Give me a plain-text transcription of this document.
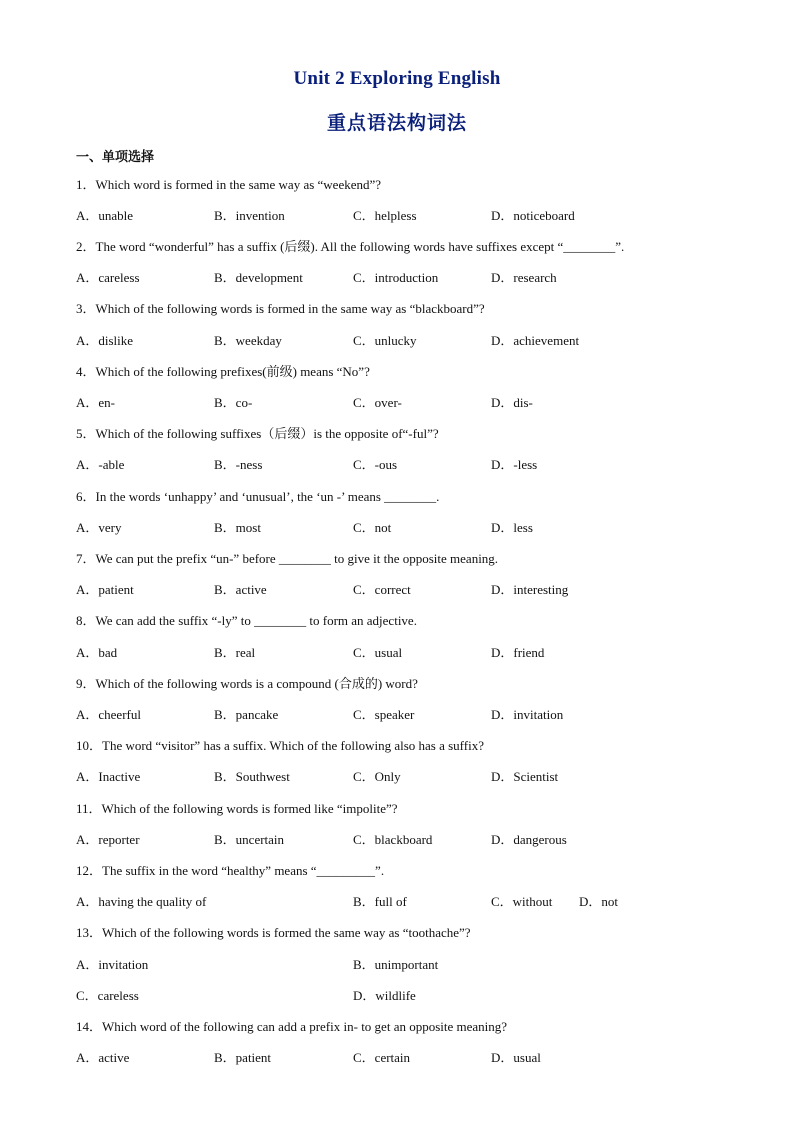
Unit 2 Exploring English
重点语法构词法
一、单项选择
1．Which word is formed in the same way as “weekend”?
A．unable	B．invention	C．helpless	D．noticeboard
2．The word “wonderful” has a suffix (后缀). All the following words have suffixes except “________”.
A．careless	B．development	C．introduction	D．research
3．Which of the following words is formed in the same way as “blackboard”?
A．dislike	B．weekday	C．unlucky	D．achievement
4．Which of the following prefixes(前级) means “No”?
A．en-	B．co-	C．over-	D．dis-
5．Which of the following suffixes（后缀）is the opposite of“-ful”?
A．-able	B．-ness	C．-ous	D．-less
6．In the words ‘unhappy’ and ‘unusual’, the ‘un -’ means ________.
A．very	B．most	C．not	D．less
7．We can put the prefix “un-” before ________ to give it the opposite meaning.
A．patient	B．active	C．correct	D．interesting
8．We can add the suffix “-ly” to ________ to form an adjective.
A．bad	B．real	C．usual	D．friend
9．Which of the following words is a compound (合成的) word?
A．cheerful	B．pancake	C．speaker	D．invitation
10．The word “visitor” has a suffix. Which of the following also has a suffix?
A．Inactive	B．Southwest	C．Only	D．Scientist
11．Which of the following words is formed like “impolite”?
A．reporter	B．uncertain	C．blackboard	D．dangerous
12．The suffix in the word “healthy” means “_________”.
A．having the quality of	B．full of	C．without D．not
13．Which of the following words is formed the same way as “toothache”?
A．invitation	B．unimportant
C．careless	D．wildlife
14．Which word of the following can add a prefix in- to get an opposite meaning?
A．active	B．patient	C．certain	D．usual
